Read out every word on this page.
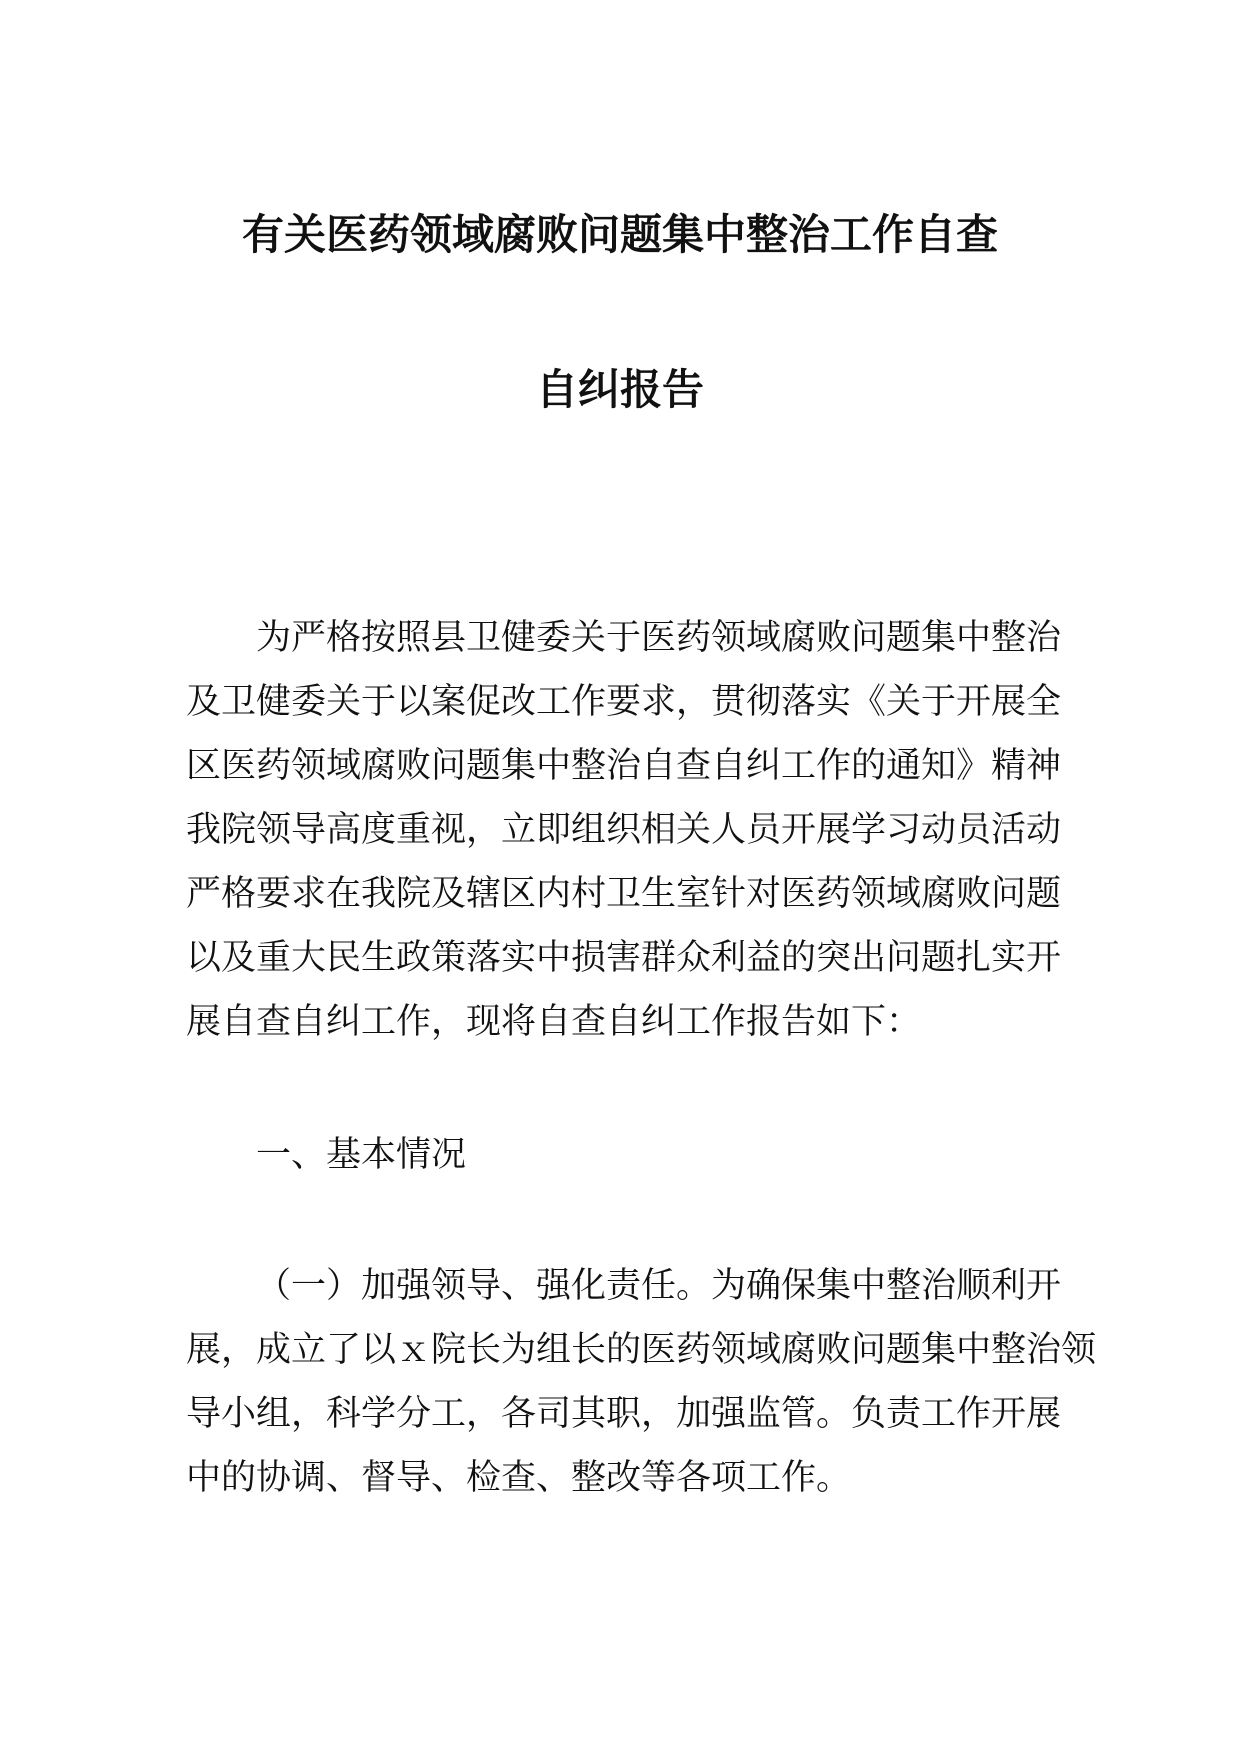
有关医药领域腐败问题集中整治工作自查
自纠报告
为严格按照县卫健委关于医药领域腐败问题集中整治
及卫健委关于以案促改工作要求，贯彻落实《关于开展全
区医药领域腐败问题集中整治自查自纠工作的通知》精神
我院领导高度重视，立即组织相关人员开展学习动员活动
严格要求在我院及辖区内村卫生室针对医药领域腐败问题
以及重大民生政策落实中损害群众利益的突出问题扎实开
展自查自纠工作，现将自查自纠工作报告如下：
一、基本情况
（一）加强领导、强化责任。为确保集中整治顺利开
展，成立了以ｘ院长为组长的医药领域腐败问题集中整治领
导小组，科学分工，各司其职，加强监管。负责工作开展
中的协调、督导、检查、整改等各项工作。
